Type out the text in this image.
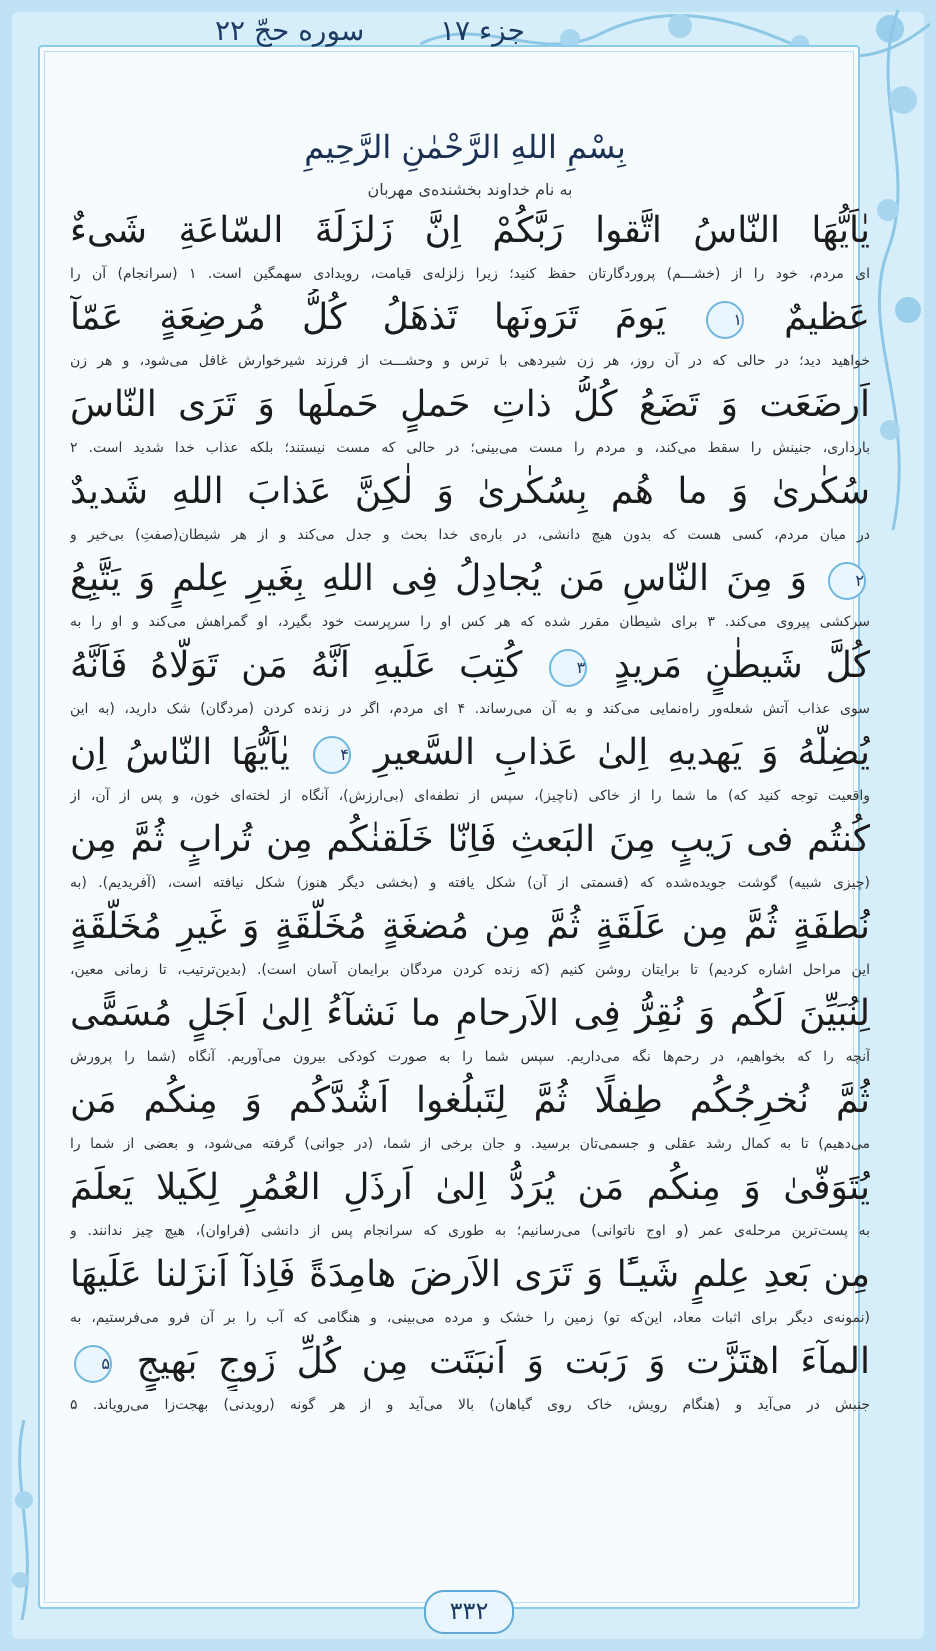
جزء ۱۷
سوره حجّ ۲۲
بِسْمِ اللهِ الرَّحْمٰنِ الرَّحِيمِ
به نام خداوند بخشنده‌ی مهربان
يٰاَيُّهَا النّاسُ اتَّقوا رَبَّكُمْ اِنَّ زَلزَلَةَ السّاعَةِ شَیءٌ
ای مردم، خود را از (خشـــم) پروردگارتان حفظ کنید؛ زیرا زلزله‌ی قیامت، رویدادی سهمگین است. ۱ (سرانجام) آن را
عَظيمٌ ۱ يَومَ تَرَونَها تَذهَلُ كُلُّ مُرضِعَةٍ عَمّآ
خواهید دید؛ در حالی که در آن روز، هر زن شیردهی با ترس و وحشـــت از فرزند شیرخوارش غافل می‌شود، و هر زن
اَرضَعَت وَ تَضَعُ كُلُّ ذاتِ حَملٍ حَملَها وَ تَرَى النّاسَ
بارداری، جنینش را سقط می‌کند، و مردم را مست می‌بینی؛ در حالی که مست نیستند؛ بلکه عذاب خدا شدید است. ۲
سُكٰرىٰ وَ ما هُم بِسُكٰرىٰ وَ لٰكِنَّ عَذابَ اللهِ شَديدٌ
در میان مردم، کسی هست که بدون هیچ دانشی، در باره‌ی خدا بحث و جدل می‌کند و از هر شیطان(صفتِ) بی‌خیر و
۲ وَ مِنَ النّاسِ مَن يُجادِلُ فِی اللهِ بِغَيرِ عِلمٍ وَ يَتَّبِعُ
سرکشی پیروی می‌کند. ۳ برای شیطان مقرر شده که هر کس او را سرپرست خود بگیرد، او گمراهش می‌کند و او را به
كُلَّ شَيطٰنٍ مَريدٍ ۳ كُتِبَ عَلَيهِ اَنَّهُ مَن تَوَلّاهُ فَاَنَّهُ
سوی عذاب آتش شعله‌ور راه‌نمایی می‌کند و به آن می‌رساند. ۴ ای مردم، اگر در زنده کردن (مردگان) شک دارید، (به این
يُضِلُّهُ وَ يَهديهِ اِلىٰ عَذابِ السَّعيرِ ۴ يٰاَيُّهَا النّاسُ اِن
واقعیت توجه کنید که) ما شما را از خاکی (ناچیز)، سپس از نطفه‌ای (بی‌ارزش)، آنگاه از لخته‌ای خون، و پس از آن، از
كُنتُم فی رَيبٍ مِنَ البَعثِ فَاِنّا خَلَقنٰكُم مِن تُرابٍ ثُمَّ مِن
(چیزی شبیه) گوشت جویده‌شده که (قسمتی از آن) شکل یافته و (بخشی دیگر هنوز) شکل نیافته است، (آفریدیم). (به
نُطفَةٍ ثُمَّ مِن عَلَقَةٍ ثُمَّ مِن مُضغَةٍ مُخَلَّقَةٍ وَ غَيرِ مُخَلَّقَةٍ
این مراحل اشاره کردیم) تا برایتان روشن کنیم (که زنده کردن مردگان برایمان آسان است). (بدین‌ترتیب، تا زمانی معین،
لِنُبَيِّنَ لَكُم وَ نُقِرُّ فِی الاَرحامِ ما نَشآءُ اِلىٰ اَجَلٍ مُسَمًّى
آنچه را که بخواهیم، در رحم‌ها نگه می‌داریم. سپس شما را به صورت کودکی بیرون می‌آوریم. آنگاه (شما را پرورش
ثُمَّ نُخرِجُكُم طِفلًا ثُمَّ لِتَبلُغوا اَشُدَّكُم وَ مِنكُم مَن
می‌دهیم) تا به کمال رشد عقلی و جسمی‌تان برسید. و جان برخی از شما، (در جوانی) گرفته می‌شود، و بعضی از شما را
يُتَوَفّىٰ وَ مِنكُم مَن يُرَدُّ اِلىٰ اَرذَلِ العُمُرِ لِكَيلا يَعلَمَ
به پست‌ترین مرحله‌ی عمر (و اوج ناتوانی) می‌رسانیم؛ به طوری که سرانجام پس از دانشی (فراوان)، هیچ چیز ندانند. و
مِن بَعدِ عِلمٍ شَيـًٔا وَ تَرَى الاَرضَ هامِدَةً فَاِذآ اَنزَلنا عَلَيهَا
(نمونه‌ی دیگر برای اثبات معاد، این‌که تو) زمین را خشک و مرده می‌بینی، و هنگامی که آب را بر آن فرو می‌فرستیم، به
المآءَ اهتَزَّت وَ رَبَت وَ اَنبَتَت مِن كُلِّ زَوجٍ بَهيجٍ ۵
جنبش در می‌آید و (هنگام رویش، خاک روی گیاهان) بالا می‌آید و از هر گونه (رویدنی) بهجت‌زا می‌رویاند. ۵
۳۳۲
